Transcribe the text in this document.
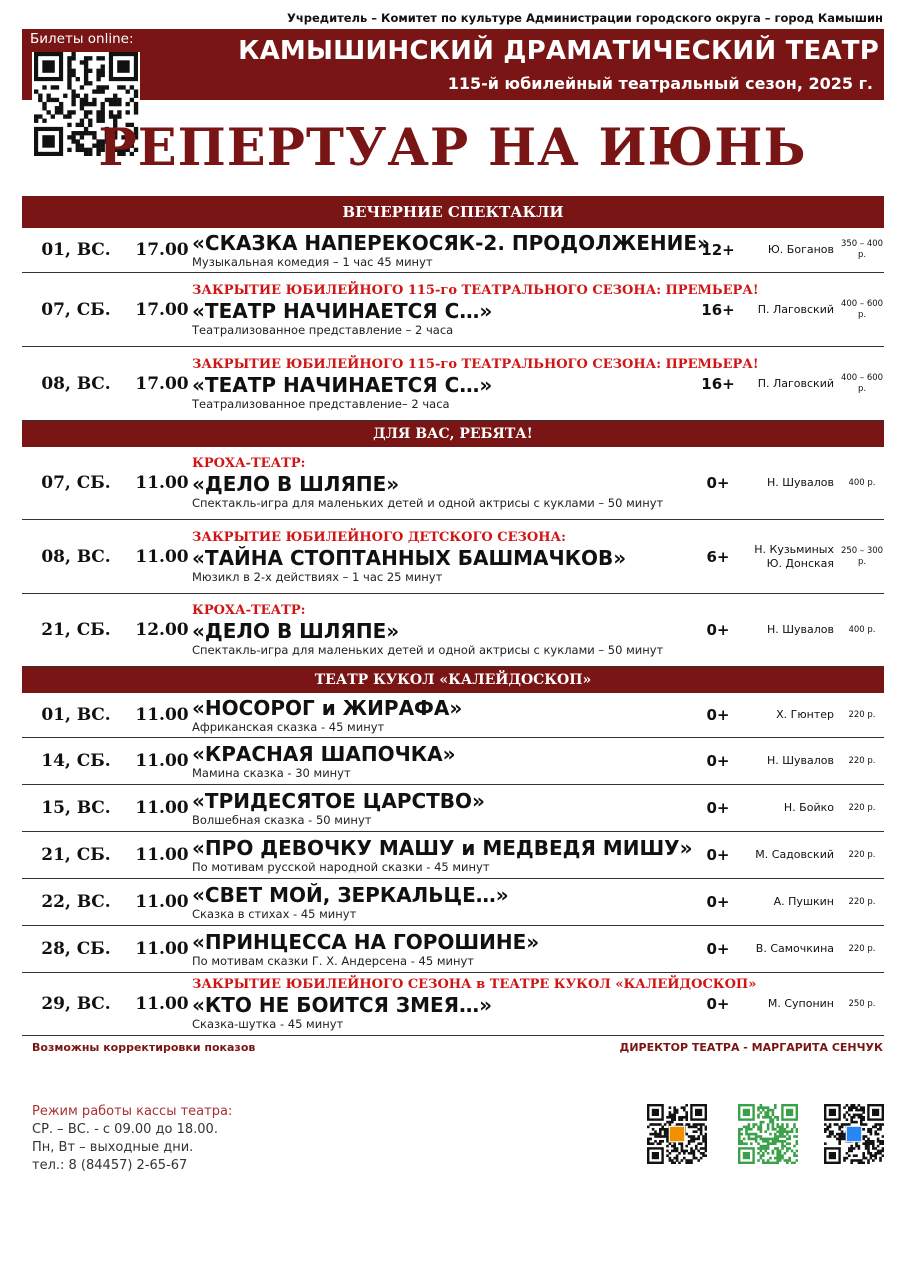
Учредитель – Комитет по культуре Администрации городского округа – город Камышин
Билеты online:	КАМЫШИНСКИЙ ДРАМАТИЧЕСКИЙ ТЕАТР
115-й юбилейный театральный сезон, 2025 г.
РЕПЕРТУАР НА ИЮНЬ
ВЕЧЕРНИЕ СПЕКТАКЛИ
01, ВС.	17.00 «СКАЗКА НАПЕРЕКОСЯК-2. ПРОДОЛЖЕНИЕ»
Музыкальная комедия – 1 час 45 минут
12+	Ю. Боганов 350 – 400 р.
07, СБ.	17.00
ЗАКРЫТИЕ ЮБИЛЕЙНОГО 115-го ТЕАТРАЛЬНОГО СЕЗОНА: ПРЕМЬЕРА!
«ТЕАТР НАЧИНАЕТСЯ С…»
Театрализованное представление – 2 часа
16+	П. Лаговский 400 – 600 р.
08, ВС.	17.00
ЗАКРЫТИЕ ЮБИЛЕЙНОГО 115-го ТЕАТРАЛЬНОГО СЕЗОНА: ПРЕМЬЕРА!
«ТЕАТР НАЧИНАЕТСЯ С…»
Театрализованное представление– 2 часа
16+	П. Лаговский 400 – 600 р.
ДЛЯ ВАС, РЕБЯТА!
07, СБ.	11.00
КРОХА-ТЕАТР:
«ДЕЛО В ШЛЯПЕ»
Спектакль-игра для маленьких детей и одной актрисы с куклами – 50 минут
0+	Н. Шувалов	400 р.
08, ВС.	11.00
ЗАКРЫТИЕ ЮБИЛЕЙНОГО ДЕТСКОГО СЕЗОНА:
«ТАЙНА СТОПТАННЫХ БАШМАЧКОВ»
Мюзикл в 2-х действиях – 1 час 25 минут
6+	Н. Кузьминых Ю. Донская
250 – 300 р.
21, СБ.	12.00
КРОХА-ТЕАТР:
«ДЕЛО В ШЛЯПЕ»
Спектакль-игра для маленьких детей и одной актрисы с куклами – 50 минут
0+	Н. Шувалов	400 р.
ТЕАТР КУКОЛ «КАЛЕЙДОСКОП»
01, ВС.	11.00 «НОСОРОГ и ЖИРАФА»
Африканская сказка - 45 минут
0+	Х. Гюнтер	220 р.
14, СБ.	11.00 «КРАСНАЯ ШАПОЧКА»
Мамина сказка - 30 минут
0+	Н. Шувалов	220 р.
15, ВС.	11.00 «ТРИДЕСЯТОЕ ЦАРСТВО»
Волшебная сказка - 50 минут
0+	Н. Бойко	220 р.
21, СБ.	11.00 «ПРО ДЕВОЧКУ МАШУ и МЕДВЕДЯ МИШУ»
По мотивам русской народной сказки - 45 минут
0+	М. Садовский	220 р.
22, ВС.	11.00 «СВЕТ МОЙ, ЗЕРКАЛЬЦЕ…»
Сказка в стихах - 45 минут
0+	А. Пушкин	220 р.
28, СБ.	11.00 «ПРИНЦЕССА НА ГОРОШИНЕ»
По мотивам сказки Г. Х. Андерсена - 45 минут
0+	В. Самочкина	220 р.
29, ВС.	11.00
ЗАКРЫТИЕ ЮБИЛЕЙНОГО СЕЗОНА в ТЕАТРЕ КУКОЛ «КАЛЕЙДОСКОП»
«КТО НЕ БОИТСЯ ЗМЕЯ…»
Сказка-шутка - 45 минут
0+	М. Супонин	250 р.
Возможны корректировки показов	ДИРЕКТОР ТЕАТРА - МАРГАРИТА СЕНЧУК
Режим работы кассы театра:
СР. – ВС. - с 09.00 до 18.00.
Пн, Вт – выходные дни.
тел.: 8 (84457) 2-65-67
